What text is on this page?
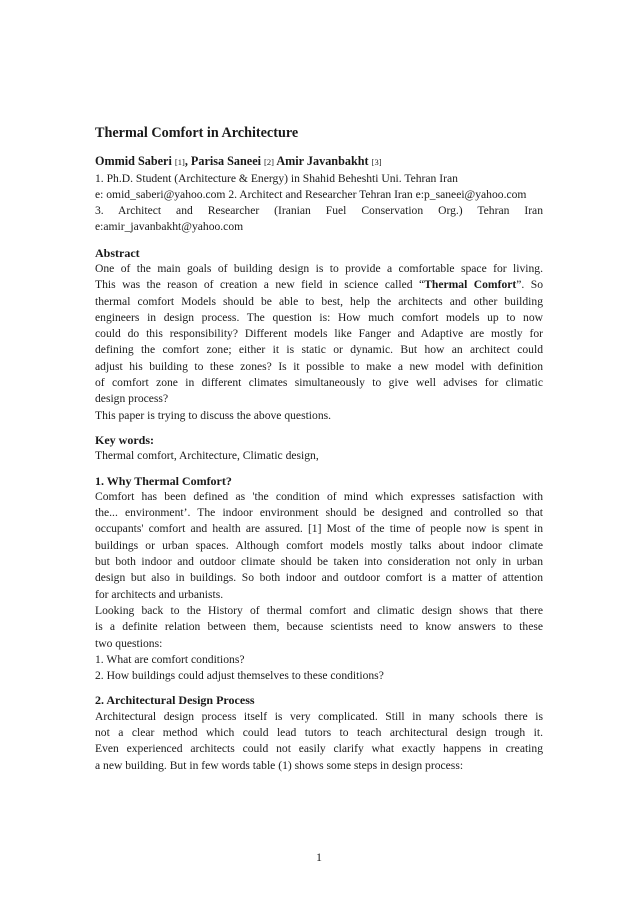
Thermal Comfort in Architecture
Ommid Saberi [1], Parisa Saneei [2] Amir Javanbakht [3]

1. Ph.D. Student (Architecture & Energy) in Shahid Beheshti Uni. Tehran Iran

e: omid_saberi@yahoo.com 2. Architect and Researcher Tehran Iran e:p_saneei@yahoo.com

3. Architect and Researcher (Iranian Fuel Conservation Org.) Tehran Iran

e:amir_javanbakht@yahoo.com

Abstract

One of the main goals of building design is to provide a comfortable space for living.

This was the reason of creation a new field in science called “Thermal Comfort”. So

thermal comfort Models should be able to best, help the architects and other building

engineers in design process. The question is: How much comfort models up to now

could do this responsibility? Different models like Fanger and Adaptive are mostly for

defining the comfort zone; either it is static or dynamic. But how an architect could

adjust his building to these zones? Is it possible to make a new model with definition

of comfort zone in different climates simultaneously to give well advises for climatic

design process?

This paper is trying to discuss the above questions.

Key words:

Thermal comfort, Architecture, Climatic design,

1. Why Thermal Comfort?

Comfort has been defined as 'the condition of mind which expresses satisfaction with

the... environment’. The indoor environment should be designed and controlled so that

occupants' comfort and health are assured. [1] Most of the time of people now is spent in

buildings or urban spaces. Although comfort models mostly talks about indoor climate

but both indoor and outdoor climate should be taken into consideration not only in urban

design but also in buildings. So both indoor and outdoor comfort is a matter of attention

for architects and urbanists.

Looking back to the History of thermal comfort and climatic design shows that there

is a definite relation between them, because scientists need to know answers to these

two questions:

1. What are comfort conditions?

2. How buildings could adjust themselves to these conditions?

2. Architectural Design Process

Architectural design process itself is very complicated. Still in many schools there is

not a clear method which could lead tutors to teach architectural design trough it.

Even experienced architects could not easily clarify what exactly happens in creating

a new building. But in few words table (1) shows some steps in design process:

1
